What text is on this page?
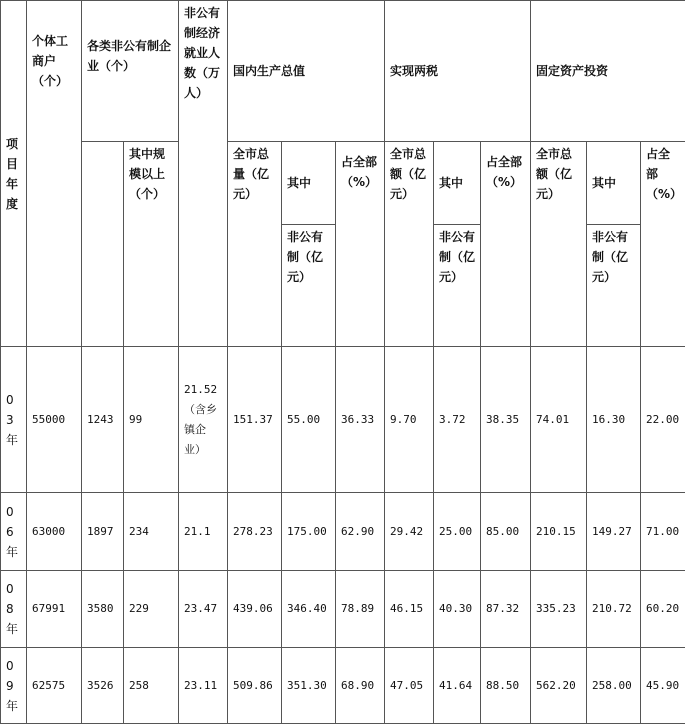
项目年度	个体工商户（个）	各类非公有制企业（个）		非公有制经济就业人数（万人）	国内生产总值			实现两税			固定资产投资		
			其中规模以上（个）		全市总量（亿元）	其中	占全部（%）	全市总额（亿元）	其中	占全部（%）	全市总额（亿元）	其中	占全部（%）
						非公有制（亿元）			非公有制（亿元）			非公有制（亿元）	
03年	55000	1243	99	21.52（含乡镇企业）	151.37	55.00	36.33	9.70	3.72	38.35	74.01	16.30	22.00
06年	63000	1897	234	21.1	278.23	175.00	62.90	29.42	25.00	85.00	210.15	149.27	71.00
08年	67991	3580	229	23.47	439.06	346.40	78.89	46.15	40.30	87.32	335.23	210.72	60.20
09年	62575	3526	258	23.11	509.86	351.30	68.90	47.05	41.64	88.50	562.20	258.00	45.90
